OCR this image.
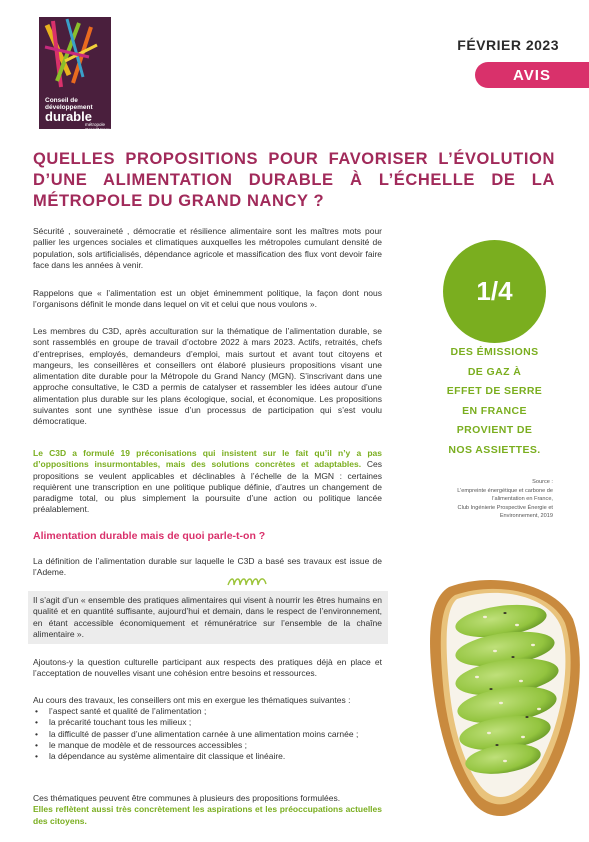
Conseil de
développement
durable
métropole
GrandNancy
FÉVRIER 2023
AVIS
QUELLES PROPOSITIONS POUR FAVORISER L’ÉVOLUTION D’UNE ALIMENTATION DURABLE À L’ÉCHELLE DE LA MÉTROPOLE DU GRAND NANCY ?

Sécurité , souveraineté , démocratie et résilience alimentaire sont les maîtres mots pour pallier les urgences sociales et climatiques auxquelles les métropoles cumulant densité de population, sols artificialisés, dépendance agricole et massification des flux vont devoir faire face dans les années à venir.

Rappelons que « l’alimentation est un objet éminemment politique, la façon dont nous l’organisons définit le monde dans lequel on vit et celui que nous voulons ».

Les membres du C3D, après acculturation sur la thématique de l’alimentation durable, se sont rassemblés en groupe de travail d’octobre 2022 à mars 2023. Actifs, retraités, chefs d’entreprises, employés, demandeurs d’emploi, mais surtout et avant tout citoyens et mangeurs, les conseillères et conseillers ont élaboré plusieurs propositions visant une alimentation dite durable pour la Métropole du Grand Nancy (MGN). S’inscrivant dans une approche consultative, le C3D a permis de catalyser et rassembler les idées autour d’une alimentation plus durable sur les plans écologique, social, et économique. Les propositions suivantes sont une synthèse issue d’un processus de participation qui s’est voulu démocratique.

Le C3D a formulé 19 préconisations qui insistent sur le fait qu’il n’y a pas d’oppositions insurmontables, mais des solutions concrètes et adaptables. Ces propositions se veulent applicables et déclinables à l’échelle de la MGN : certaines requièrent une transcription en une politique publique définie, d’autres un changement de paradigme total, ou plus simplement la poursuite d’une action ou politique lancée préalablement.

Alimentation durable mais de quoi parle-t-on ?

La définition de l’alimentation durable sur laquelle le C3D a basé ses travaux est issue de l’Ademe.

Il s’agit d’un « ensemble des pratiques alimentaires qui visent à nourrir les êtres humains en qualité et en quantité suffisante, aujourd’hui et demain, dans le respect de l’environnement, en étant accessible économiquement et rémunératrice sur l’ensemble de la chaîne alimentaire ».

Ajoutons-y la question culturelle participant aux respects des pratiques déjà en place et l’acceptation de nouvelles visant une cohésion entre besoins et ressources.

Au cours des travaux, les conseillers ont mis en exergue les thématiques suivantes :

• l’aspect santé et qualité de l’alimentation ;
• la précarité touchant tous les milieux ;
• la difficulté de passer d’une alimentation carnée à une alimentation moins carnée ;
• le manque de modèle et de ressources accessibles ;
• la dépendance au système alimentaire dit classique et linéaire.

Ces thématiques peuvent être communes à plusieurs des propositions formulées.
Elles reflètent aussi très concrètement les aspirations et les préoccupations actuelles des citoyens.

1/4
DES ÉMISSIONS
DE GAZ À
EFFET DE SERRE
EN FRANCE
PROVIENT DE
NOS ASSIETTES.
Source :
L’empreinte énergétique et carbone de
l’alimentation en France,
Club Ingénierie Prospective Énergie et
Environnement, 2019
